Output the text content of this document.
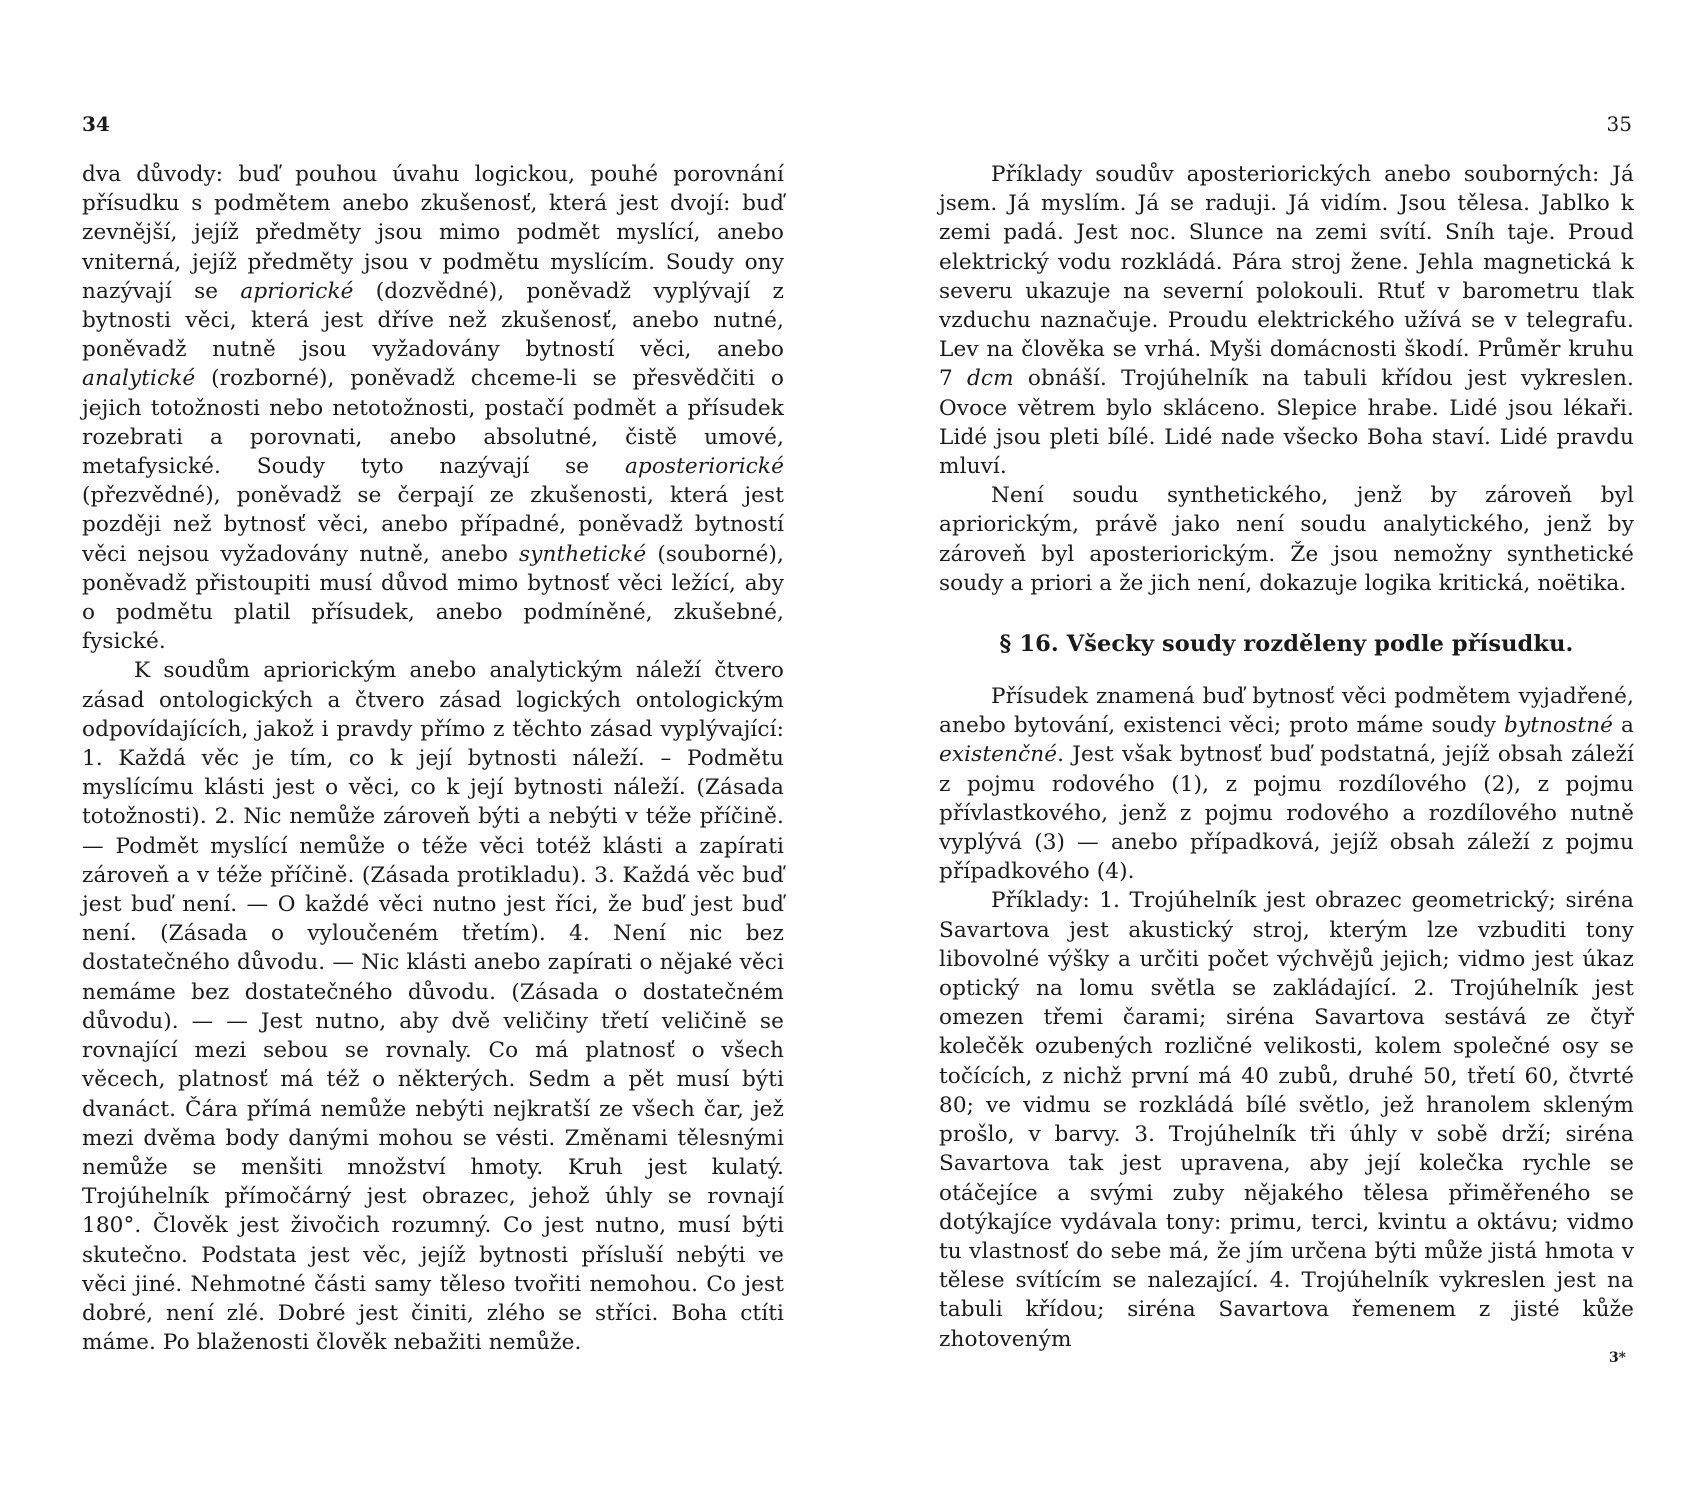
34

dva důvody: buď pouhou úvahu logickou, pouhé porovnání přísudku s podmětem anebo zkušenosť, která jest dvojí: buď zevnější, jejíž předměty jsou mimo podmět myslící, anebo vniterná, jejíž předměty jsou v podmětu myslícím. Soudy ony nazývají se apriorické (dozvědné), poněvadž vyplývají z bytnosti věci, která jest dříve než zkušenosť, anebo nutné, poněvadž nutně jsou vyžadovány bytností věci, anebo analytické (rozborné), poněvadž chceme-li se přesvědčiti o jejich totožnosti nebo netotožnosti, postačí podmět a přísudek rozebrati a porovnati, anebo absolutné, čistě umové, metafysické. Soudy tyto nazývají se aposteriorické (přezvědné), poněvadž se čerpají ze zkušenosti, která jest později než bytnosť věci, anebo případné, poněvadž bytností věci nejsou vyžadovány nutně, anebo synthetické (souborné), poněvadž přistoupiti musí důvod mimo bytnosť věci ležící, aby o podmětu platil přísudek, anebo podmíněné, zkušebné, fysické.

K soudům apriorickým anebo analytickým náleží čtvero zásad ontologických a čtvero zásad logických ontologickým odpovídajících, jakož i pravdy přímo z těchto zásad vyplývající: 1. Každá věc je tím, co k její bytnosti náleží. – Podmětu myslícímu klásti jest o věci, co k její bytnosti náleží. (Zásada totožnosti). 2. Nic nemůže zároveň býti a nebýti v téže příčině. — Podmět myslící nemůže o téže věci totéž klásti a zapírati zároveň a v téže příčině. (Zásada protikladu). 3. Každá věc buď jest buď není. — O každé věci nutno jest říci, že buď jest buď není. (Zásada o vyloučeném třetím). 4. Není nic bez dostatečného důvodu. — Nic klásti anebo zapírati o nějaké věci nemáme bez dostatečného důvodu. (Zásada o dostatečném důvodu). — — Jest nutno, aby dvě veličiny třetí veličině se rovnající mezi sebou se rovnaly. Co má platnosť o všech věcech, platnosť má též o některých. Sedm a pět musí býti dvanáct. Čára přímá nemůže nebýti nejkratší ze všech čar, jež mezi dvěma body danými mohou se vésti. Změnami tělesnými nemůže se menšiti množství hmoty. Kruh jest kulatý. Trojúhelník přímočárný jest obrazec, jehož úhly se rovnají 180°. Člověk jest živočich rozumný. Co jest nutno, musí býti skutečno. Podstata jest věc, jejíž bytnosti přísluší nebýti ve věci jiné. Nehmotné části samy těleso tvořiti nemohou. Co jest dobré, není zlé. Dobré jest činiti, zlého se stříci. Boha ctíti máme. Po blaženosti člověk nebažiti nemůže.

35

Příklady soudův aposteriorických anebo souborných: Já jsem. Já myslím. Já se raduji. Já vidím. Jsou tělesa. Jablko k zemi padá. Jest noc. Slunce na zemi svítí. Sníh taje. Proud elektrický vodu rozkládá. Pára stroj žene. Jehla magnetická k severu ukazuje na severní polokouli. Rtuť v barometru tlak vzduchu naznačuje. Proudu elektrického užívá se v telegrafu. Lev na člověka se vrhá. Myši domácnosti škodí. Průměr kruhu 7 dcm obnáší. Trojúhelník na tabuli křídou jest vykreslen. Ovoce větrem bylo skláceno. Slepice hrabe. Lidé jsou lékaři. Lidé jsou pleti bílé. Lidé nade všecko Boha staví. Lidé pravdu mluví.

Není soudu synthetického, jenž by zároveň byl apriorickým, právě jako není soudu analytického, jenž by zároveň byl aposteriorickým. Že jsou nemožny synthetické soudy a priori a že jich není, dokazuje logika kritická, noëtika.

§ 16. Všecky soudy rozděleny podle přísudku.

Přísudek znamená buď bytnosť věci podmětem vyjadřené, anebo bytování, existenci věci; proto máme soudy bytnostné a existenčné. Jest však bytnosť buď podstatná, jejíž obsah záleží z pojmu rodového (1), z pojmu rozdílového (2), z pojmu přívlastkového, jenž z pojmu rodového a rozdílového nutně vyplývá (3) — anebo případková, jejíž obsah záleží z pojmu případkového (4).

Příklady: 1. Trojúhelník jest obrazec geometrický; siréna Savartova jest akustický stroj, kterým lze vzbuditi tony libovolné výšky a určiti počet výchvějů jejich; vidmo jest úkaz optický na lomu světla se zakládající. 2. Trojúhelník jest omezen třemi čarami; siréna Savartova sestává ze čtyř kolečěk ozubených rozličné velikosti, kolem společné osy se točících, z nichž první má 40 zubů, druhé 50, třetí 60, čtvrté 80; ve vidmu se rozkládá bílé světlo, jež hranolem skleným prošlo, v barvy. 3. Trojúhelník tři úhly v sobě drží; siréna Savartova tak jest upravena, aby její kolečka rychle se otáčejíce a svými zuby nějakého tělesa přiměřeného se dotýkajíce vydávala tony: primu, terci, kvintu a oktávu; vidmo tu vlastnosť do sebe má, že jím určena býti může jistá hmota v tělese svítícím se nalezající. 4. Trojúhelník vykreslen jest na tabuli křídou; siréna Savartova řemenem z jisté kůže zhotoveným

3*
